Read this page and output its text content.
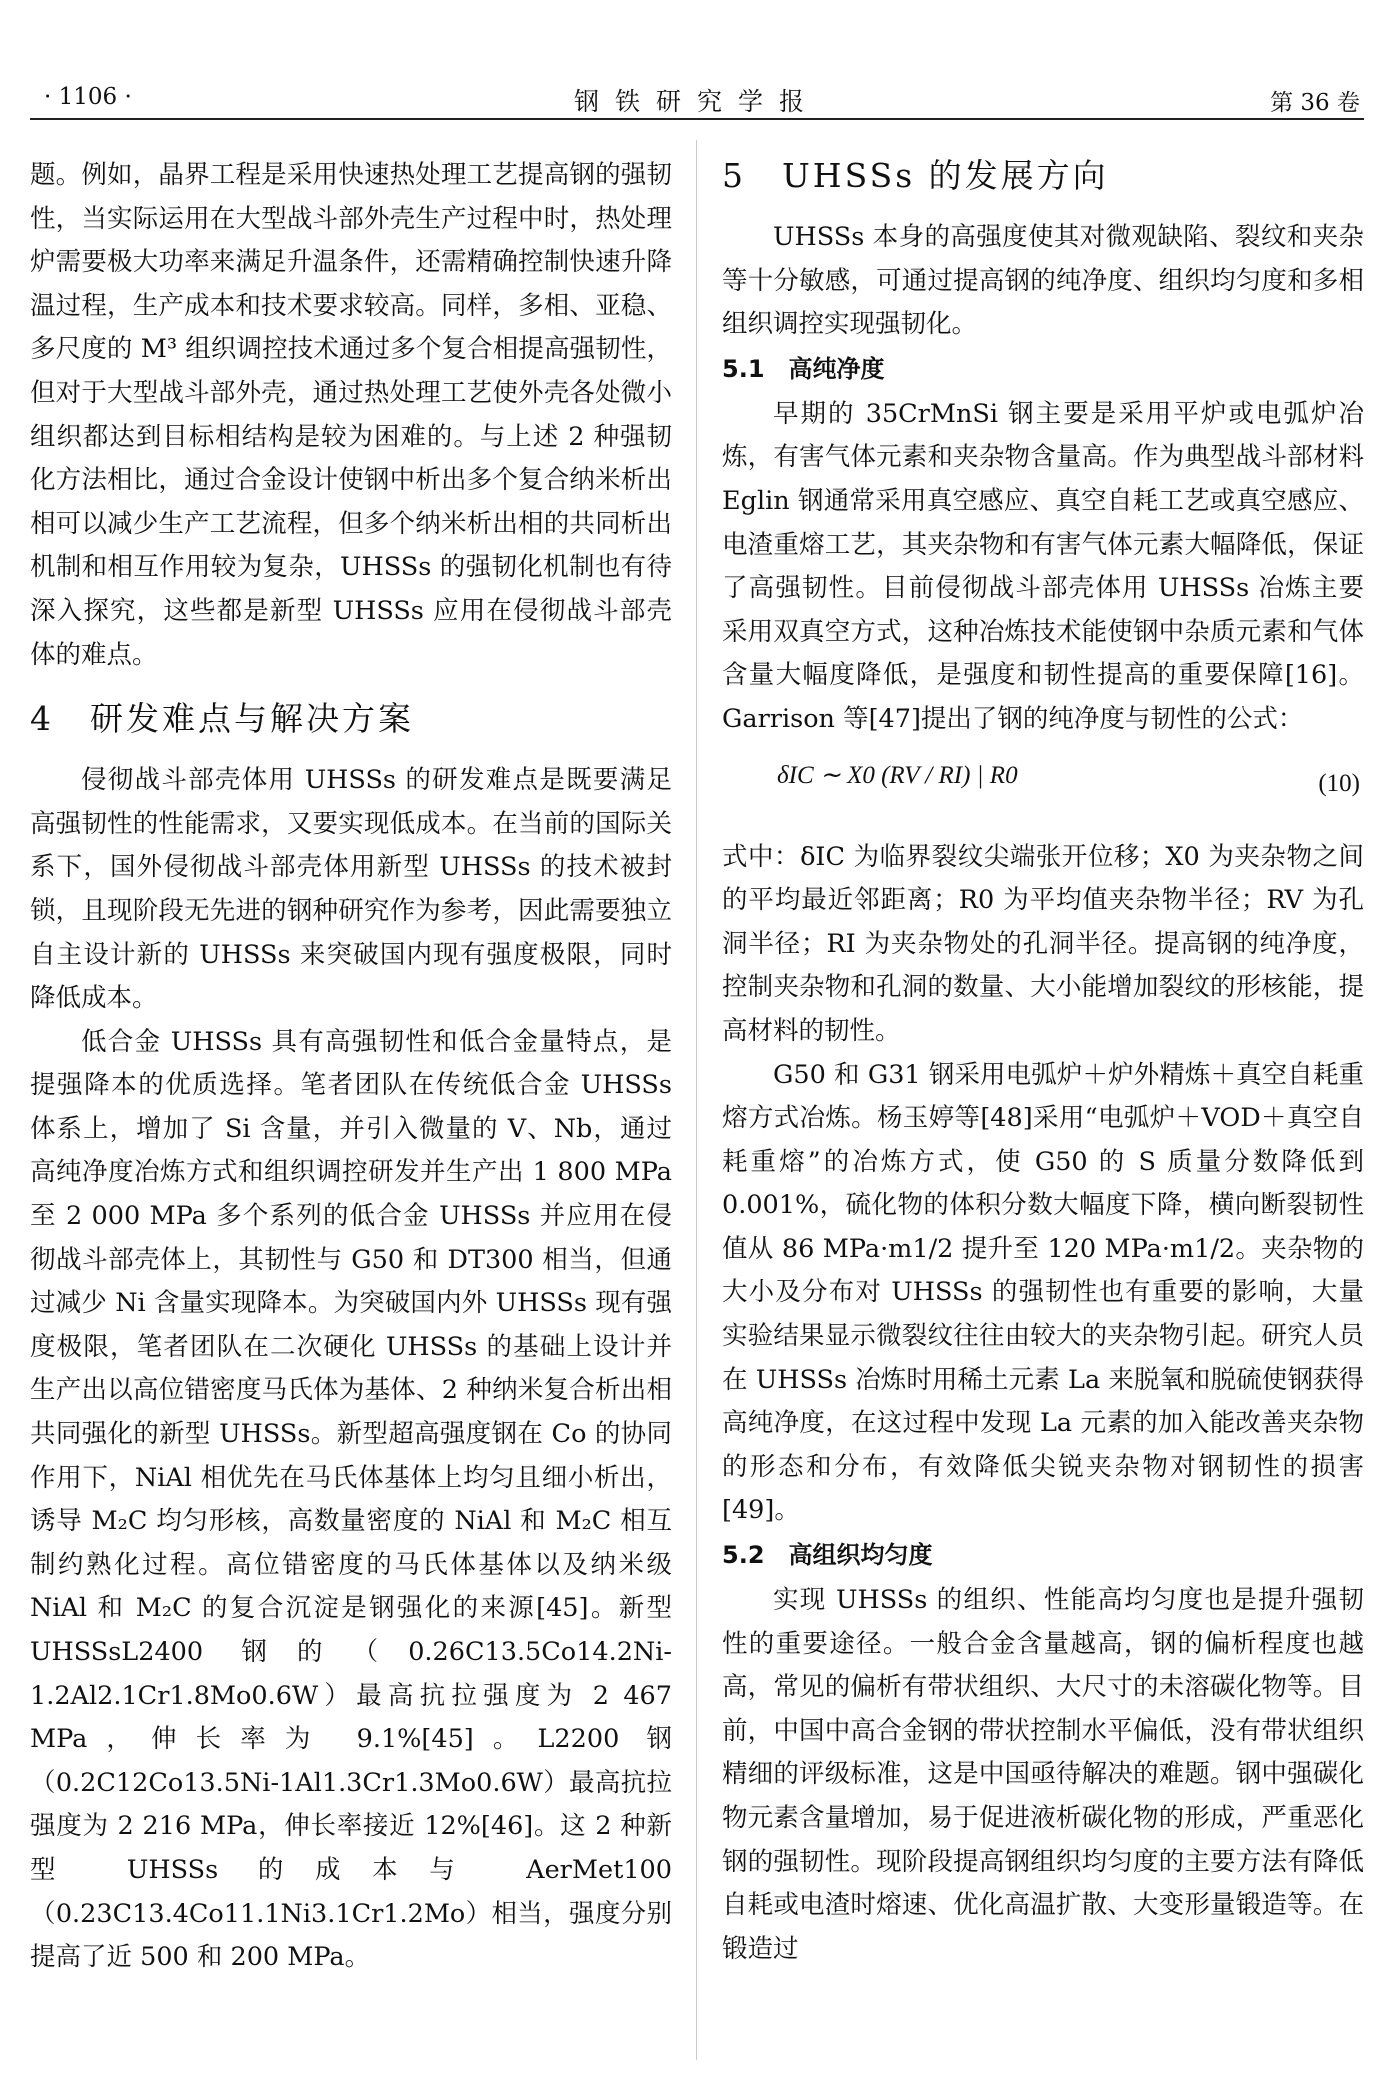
· 1106 ·	钢铁研究学报	第 36 卷

题。例如，晶界工程是采用快速热处理工艺提高钢的强韧性，当实际运用在大型战斗部外壳生产过程中时，热处理炉需要极大功率来满足升温条件，还需精确控制快速升降温过程，生产成本和技术要求较高。同样，多相、亚稳、多尺度的 M³ 组织调控技术通过多个复合相提高强韧性，但对于大型战斗部外壳，通过热处理工艺使外壳各处微小组织都达到目标相结构是较为困难的。与上述 2 种强韧化方法相比，通过合金设计使钢中析出多个复合纳米析出相可以减少生产工艺流程，但多个纳米析出相的共同析出机制和相互作用较为复杂，UHSSs 的强韧化机制也有待深入探究，这些都是新型 UHSSs 应用在侵彻战斗部壳体的难点。

4　研发难点与解决方案

侵彻战斗部壳体用 UHSSs 的研发难点是既要满足高强韧性的性能需求，又要实现低成本。在当前的国际关系下，国外侵彻战斗部壳体用新型 UHSSs 的技术被封锁，且现阶段无先进的钢种研究作为参考，因此需要独立自主设计新的 UHSSs 来突破国内现有强度极限，同时降低成本。

低合金 UHSSs 具有高强韧性和低合金量特点，是提强降本的优质选择。笔者团队在传统低合金 UHSSs 体系上，增加了 Si 含量，并引入微量的 V、Nb，通过高纯净度冶炼方式和组织调控研发并生产出 1 800 MPa 至 2 000 MPa 多个系列的低合金 UHSSs 并应用在侵彻战斗部壳体上，其韧性与 G50 和 DT300 相当，但通过减少 Ni 含量实现降本。为突破国内外 UHSSs 现有强度极限，笔者团队在二次硬化 UHSSs 的基础上设计并生产出以高位错密度马氏体为基体、2 种纳米复合析出相共同强化的新型 UHSSs。新型超高强度钢在 Co 的协同作用下，NiAl 相优先在马氏体基体上均匀且细小析出，诱导 M₂C 均匀形核，高数量密度的 NiAl 和 M₂C 相互制约熟化过程。高位错密度的马氏体基体以及纳米级 NiAl 和 M₂C 的复合沉淀是钢强化的来源[45]。新型 UHSSsL2400 钢的（0.26C13.5Co14.2Ni-1.2Al2.1Cr1.8Mo0.6W）最高抗拉强度为 2 467 MPa，伸长率为 9.1%[45]。L2200 钢（0.2C12Co13.5Ni-1Al1.3Cr1.3Mo0.6W）最高抗拉强度为 2 216 MPa，伸长率接近 12%[46]。这 2 种新型 UHSSs 的成本与 AerMet100（0.23C13.4Co11.1Ni3.1Cr1.2Mo）相当，强度分别提高了近 500 和 200 MPa。

5　UHSSs 的发展方向

UHSSs 本身的高强度使其对微观缺陷、裂纹和夹杂等十分敏感，可通过提高钢的纯净度、组织均匀度和多相组织调控实现强韧化。

5.1　高纯净度

早期的 35CrMnSi 钢主要是采用平炉或电弧炉冶炼，有害气体元素和夹杂物含量高。作为典型战斗部材料 Eglin 钢通常采用真空感应、真空自耗工艺或真空感应、电渣重熔工艺，其夹杂物和有害气体元素大幅降低，保证了高强韧性。目前侵彻战斗部壳体用 UHSSs 冶炼主要采用双真空方式，这种冶炼技术能使钢中杂质元素和气体含量大幅度降低，是强度和韧性提高的重要保障[16]。Garrison 等[47]提出了钢的纯净度与韧性的公式：

δIC ∼ X0 (RV / RI) | R0	(10)

式中：δIC 为临界裂纹尖端张开位移；X0 为夹杂物之间的平均最近邻距离；R0 为平均值夹杂物半径；RV 为孔洞半径；RI 为夹杂物处的孔洞半径。提高钢的纯净度，控制夹杂物和孔洞的数量、大小能增加裂纹的形核能，提高材料的韧性。

G50 和 G31 钢采用电弧炉＋炉外精炼＋真空自耗重熔方式冶炼。杨玉婷等[48]采用“电弧炉＋VOD＋真空自耗重熔”的冶炼方式，使 G50 的 S 质量分数降低到 0.001%，硫化物的体积分数大幅度下降，横向断裂韧性值从 86 MPa·m1/2 提升至 120 MPa·m1/2。夹杂物的大小及分布对 UHSSs 的强韧性也有重要的影响，大量实验结果显示微裂纹往往由较大的夹杂物引起。研究人员在 UHSSs 冶炼时用稀土元素 La 来脱氧和脱硫使钢获得高纯净度，在这过程中发现 La 元素的加入能改善夹杂物的形态和分布，有效降低尖锐夹杂物对钢韧性的损害[49]。

5.2　高组织均匀度

实现 UHSSs 的组织、性能高均匀度也是提升强韧性的重要途径。一般合金含量越高，钢的偏析程度也越高，常见的偏析有带状组织、大尺寸的未溶碳化物等。目前，中国中高合金钢的带状控制水平偏低，没有带状组织精细的评级标准，这是中国亟待解决的难题。钢中强碳化物元素含量增加，易于促进液析碳化物的形成，严重恶化钢的强韧性。现阶段提高钢组织均匀度的主要方法有降低自耗或电渣时熔速、优化高温扩散、大变形量锻造等。在锻造过
